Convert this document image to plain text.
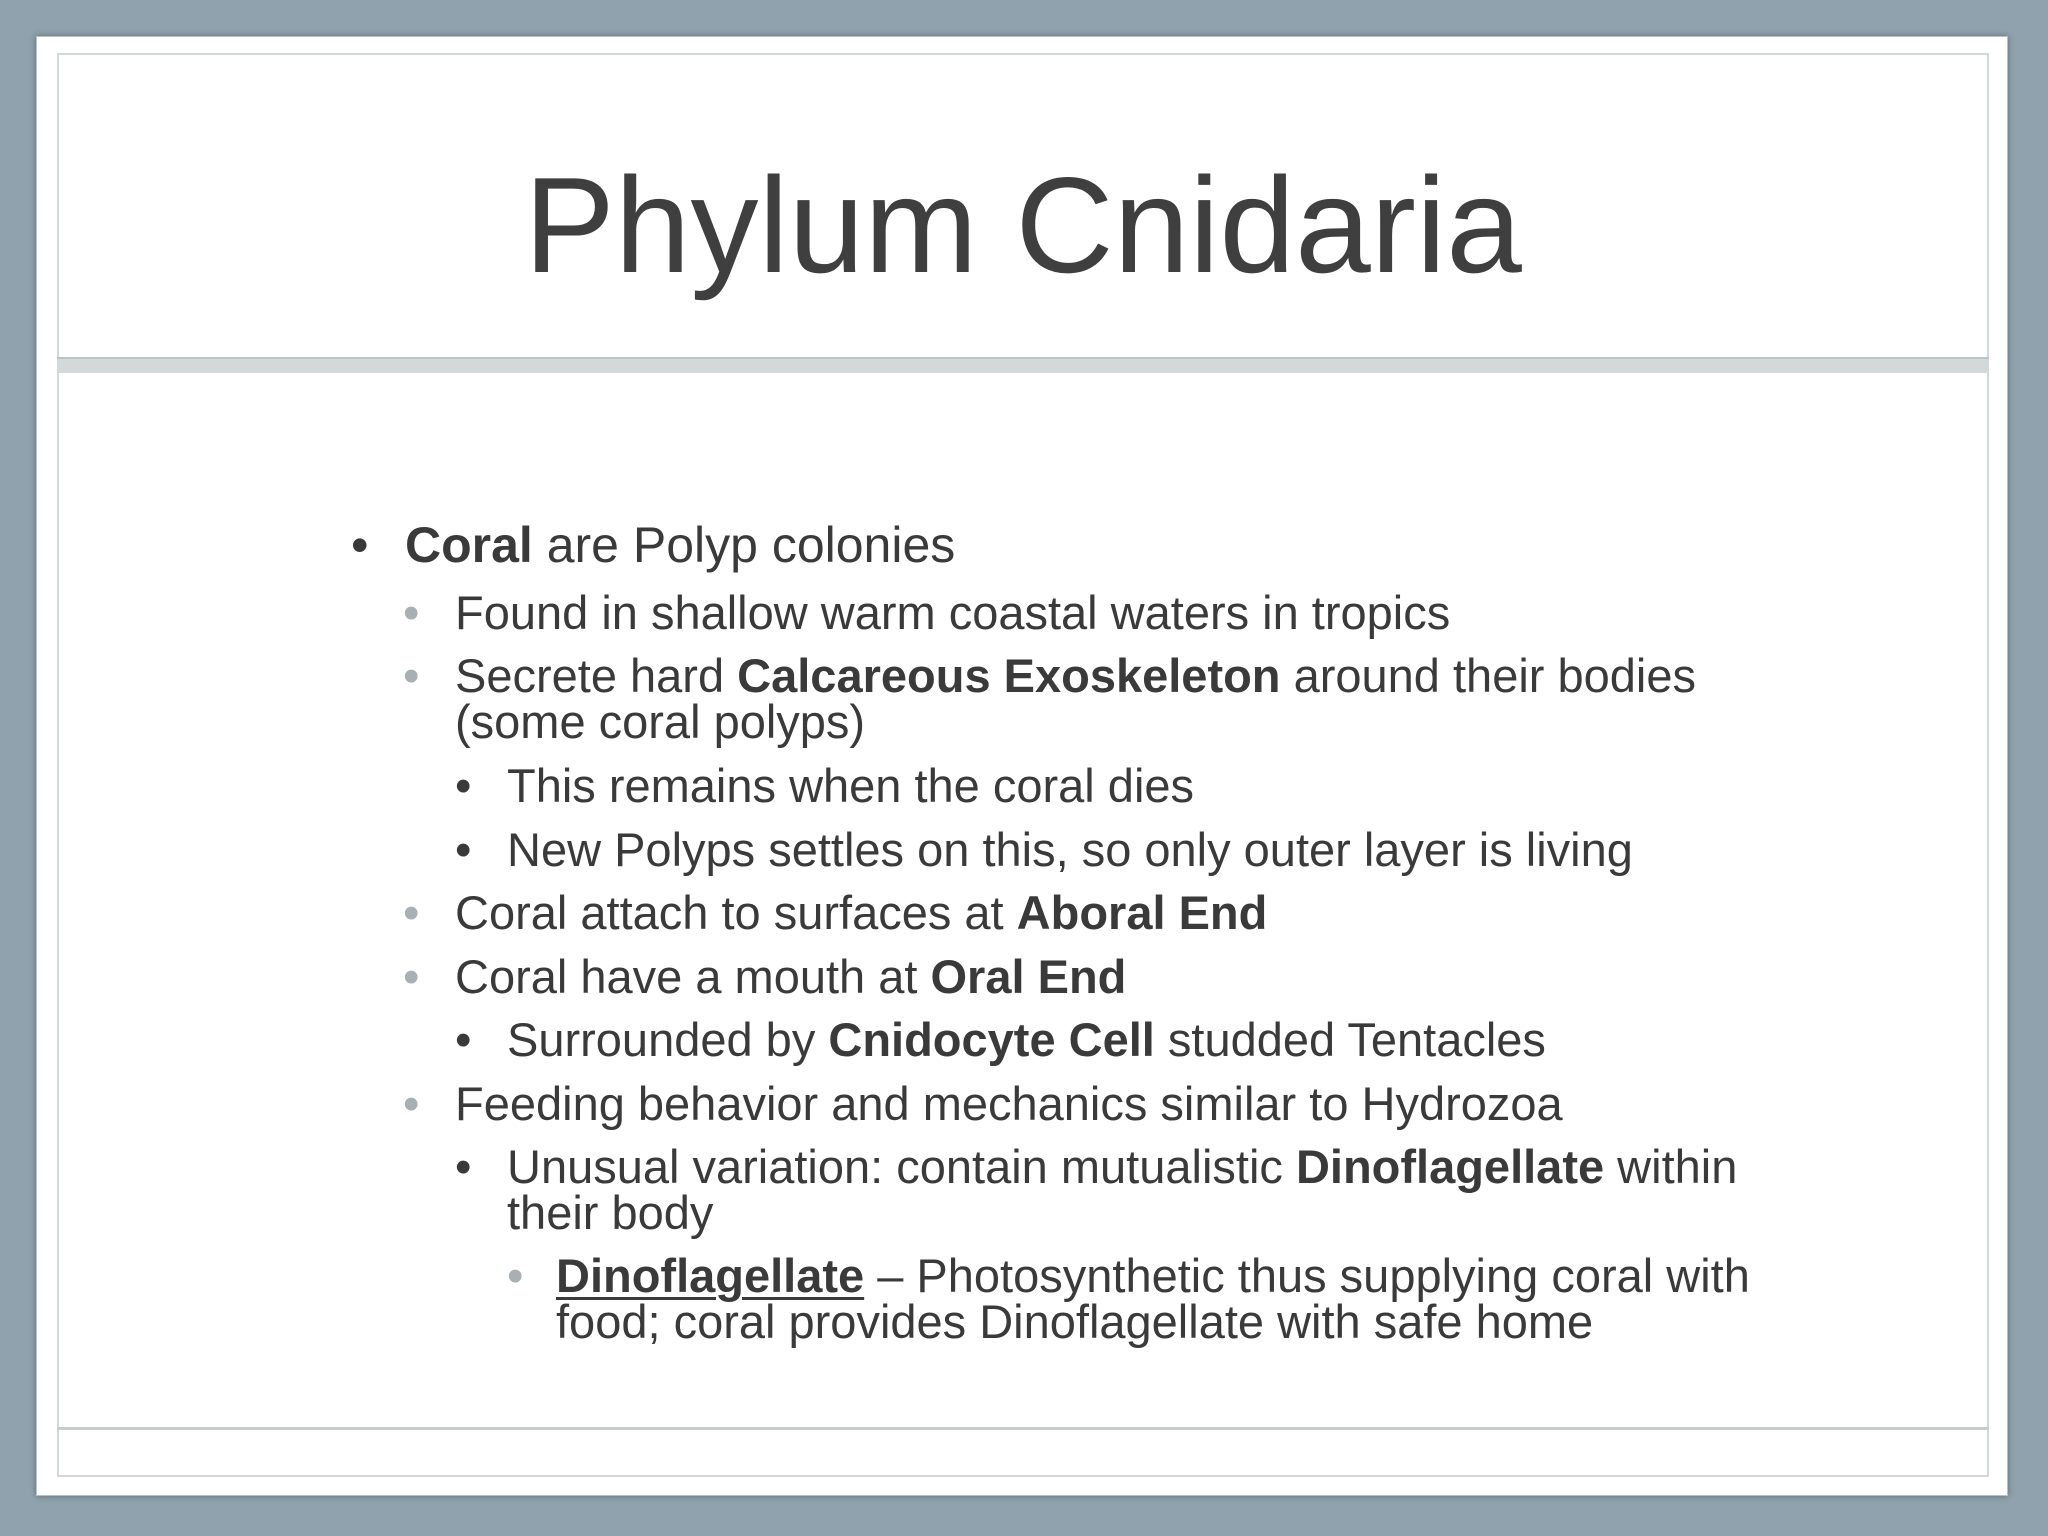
Phylum Cnidaria
• Coral are Polyp colonies
• Found in shallow warm coastal waters in tropics
• Secrete hard Calcareous Exoskeleton around their bodies
(some coral polyps)
• This remains when the coral dies
• New Polyps settles on this, so only outer layer is living
• Coral attach to surfaces at Aboral End
• Coral have a mouth at Oral End
• Surrounded by Cnidocyte Cell studded Tentacles
• Feeding behavior and mechanics similar to Hydrozoa
• Unusual variation: contain mutualistic Dinoflagellate within
their body
• Dinoflagellate – Photosynthetic thus supplying coral with
food; coral provides Dinoflagellate with safe home
